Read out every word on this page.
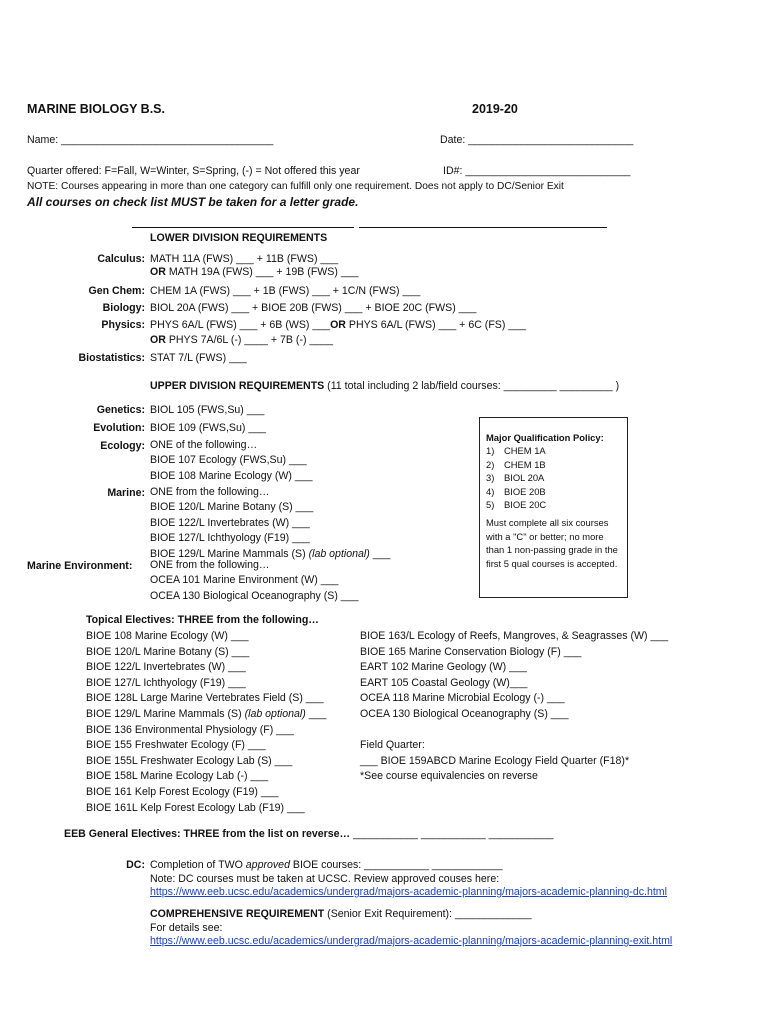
MARINE BIOLOGY B.S.	2019-20
Name: ____________________________________	Date: ____________________________
Quarter offered: F=Fall, W=Winter, S=Spring, (-) = Not offered this year	ID#: ____________________________
NOTE: Courses appearing in more than one category can fulfill only one requirement. Does not apply to DC/Senior Exit
All courses on check list MUST be taken for a letter grade.
LOWER DIVISION REQUIREMENTS
Calculus: MATH 11A (FWS) ___ + 11B (FWS) ___
OR MATH 19A (FWS) ___ + 19B (FWS) ___
Gen Chem: CHEM 1A (FWS) ___ + 1B (FWS) ___ + 1C/N (FWS) ___
Biology: BIOL 20A (FWS) ___ + BIOE 20B (FWS) ___ + BIOE 20C (FWS) ___
Physics: PHYS 6A/L (FWS) ___ + 6B (WS) ___OR PHYS 6A/L (FWS) ___ + 6C (FS) ___
OR PHYS 7A/6L (-) ____ + 7B (-) ____
Biostatistics: STAT 7/L (FWS) ___
UPPER DIVISION REQUIREMENTS (11 total including 2 lab/field courses: _________ _________ )
Genetics: BIOL 105 (FWS,Su) ___
Evolution: BIOE 109 (FWS,Su) ___
Ecology: ONE of the following…
BIOE 107 Ecology (FWS,Su) ___
BIOE 108 Marine Ecology (W) ___
Marine: ONE from the following…
BIOE 120/L Marine Botany (S) ___
BIOE 122/L Invertebrates (W) ___
BIOE 127/L Ichthyology (F19) ___
BIOE 129/L Marine Mammals (S) (lab optional) ___
Marine Environment: ONE from the following…
OCEA 101 Marine Environment (W) ___
OCEA 130 Biological Oceanography (S) ___
Major Qualification Policy:
1)	CHEM 1A
2)	CHEM 1B
3)	BIOL 20A
4)	BIOE 20B
5)	BIOE 20C
Must complete all six courses with a "C" or better; no more than 1 non-passing grade in the first 5 qual courses is accepted.
Topical Electives: THREE from the following…
BIOE 108 Marine Ecology (W) ___
BIOE 120/L Marine Botany (S) ___
BIOE 122/L Invertebrates (W) ___
BIOE 127/L Ichthyology (F19) ___
BIOE 128L Large Marine Vertebrates Field (S) ___
BIOE 129/L Marine Mammals (S) (lab optional) ___
BIOE 136 Environmental Physiology (F) ___
BIOE 155 Freshwater Ecology (F) ___
BIOE 155L Freshwater Ecology Lab (S) ___
BIOE 158L Marine Ecology Lab (-) ___
BIOE 161 Kelp Forest Ecology (F19) ___
BIOE 161L Kelp Forest Ecology Lab (F19) ___
BIOE 163/L Ecology of Reefs, Mangroves, & Seagrasses (W) ___
BIOE 165 Marine Conservation Biology (F) ___
EART 102 Marine Geology (W) ___
EART 105 Coastal Geology (W)___
OCEA 118 Marine Microbial Ecology (-) ___
OCEA 130 Biological Oceanography (S) ___
Field Quarter:
___ BIOE 159ABCD Marine Ecology Field Quarter (F18)*
*See course equivalencies on reverse
EEB General Electives: THREE from the list on reverse… ___________ ___________ ___________
DC: Completion of TWO approved BIOE courses: ___________ ____________
Note: DC courses must be taken at UCSC. Review approved couses here:
https://www.eeb.ucsc.edu/academics/undergrad/majors-academic-planning/majors-academic-planning-dc.html
COMPREHENSIVE REQUIREMENT (Senior Exit Requirement): _____________
For details see:
https://www.eeb.ucsc.edu/academics/undergrad/majors-academic-planning/majors-academic-planning-exit.html
